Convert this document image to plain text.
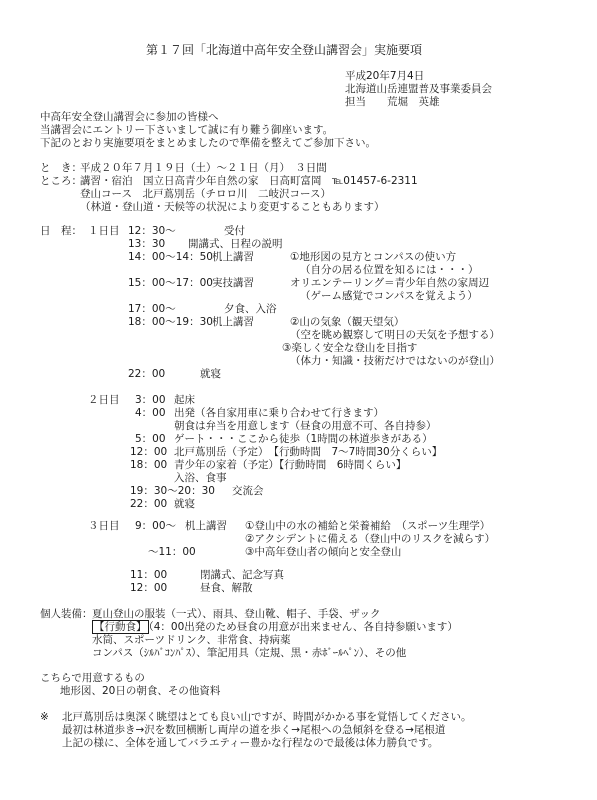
第１７回「北海道中高年安全登山講習会」実施要項
平成20年7月4日
北海道山岳連盟普及事業委員会
担当　　荒堀　英雄
中高年安全登山講習会に参加の皆様へ
当講習会にエントリー下さいまして誠に有り難う御座います。
下記のとおり実施要項をまとめましたので準備を整えてご参加下さい。
と　き：
平成２０年７月１９日（土）～２１日（月）　３日間
ところ：
講習・宿泊　国立日高青少年自然の家　日高町富岡　℡01457-6-2311
登山コース　北戸蔦別岳（チロロ川　二岐沢コース）
（林道・登山道・天候等の状況により変更することもあります）
日　程： １日目 12：30～	受付
13：30 開講式、日程の説明
14：00～14：50 机上講習	①地形図の見方とコンパスの使い方
（自分の居る位置を知るには・・・）
15：00～17：00 実技講習	オリエンテーリング＝青少年自然の家周辺
（ゲーム感覚でコンパスを覚えよう）
17：00～	夕食、入浴
18：00～19：30 机上講習	②山の気象（観天望気）
（空を眺め観察して明日の天気を予想する）
③楽しく安全な登山を目指す
（体力・知識・技術だけではないのが登山）
22：00	就寝
２日目 3：00 起床
4：00 出発（各自家用車に乗り合わせて行きます）
朝食は弁当を用意します（昼食の用意不可、各自持参）
5：00 ゲート・・・ここから徒歩（1時間の林道歩きがある）
12：00 北戸蔦別岳（予定）　【行動時間　7～7時間30分くらい】
18：00 青少年の家着（予定）【行動時間　6時間くらい】
入浴、食事
19：30～20：30 交流会
22：00 就寝
３日目 9：00～ 机上講習 ①登山中の水の補給と栄養補給　（スポーツ生理学）
②アクシデントに備える（登山中のリスクを減らす）
～11：00	③中高年登山者の傾向と安全登山
11：00	閉講式、記念写真
12：00	昼食、解散
個人装備： 夏山登山の服装（一式）、雨具、登山靴、帽子、手袋、ザック
【行動食】 （4：00出発のため昼食の用意が出来ません、各自持参願います）
水筒、スポーツドリンク、非常食、持病薬
コンパス（ｼﾙﾊﾞｺﾝﾊﾟｽ）、筆記用具（定規、黒・赤ﾎﾞｰﾙﾍﾟﾝ）、その他
こちらで用意するもの
地形図、20日の朝食、その他資料
※ 北戸蔦別岳は奥深く眺望はとても良い山ですが、時間がかかる事を覚悟してください。
最初は林道歩き→沢を数回横断し両岸の道を歩く→尾根への急傾斜を登る→尾根道
上記の様に、全体を通してバラエティー豊かな行程なので最後は体力勝負です。
